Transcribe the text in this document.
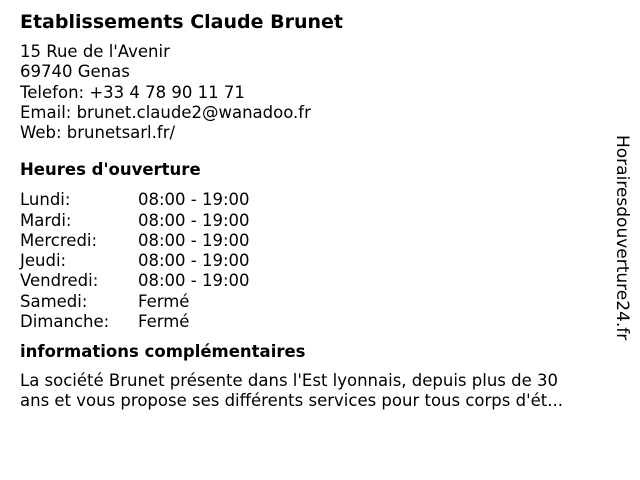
Etablissements Claude Brunet
15 Rue de l'Avenir
69740 Genas
Telefon: +33 4 78 90 11 71
Email: brunet.claude2@wanadoo.fr
Web: brunetsarl.fr/
Heures d'ouverture
Lundi:	08:00 - 19:00
Mardi:	08:00 - 19:00
Mercredi:	08:00 - 19:00
Jeudi:	08:00 - 19:00
Vendredi:	08:00 - 19:00
Samedi:	Fermé
Dimanche:	Fermé
informations complémentaires
La société Brunet présente dans l'Est lyonnais, depuis plus de 30
ans et vous propose ses différents services pour tous corps d'ét...
Horairesdouverture24.fr
